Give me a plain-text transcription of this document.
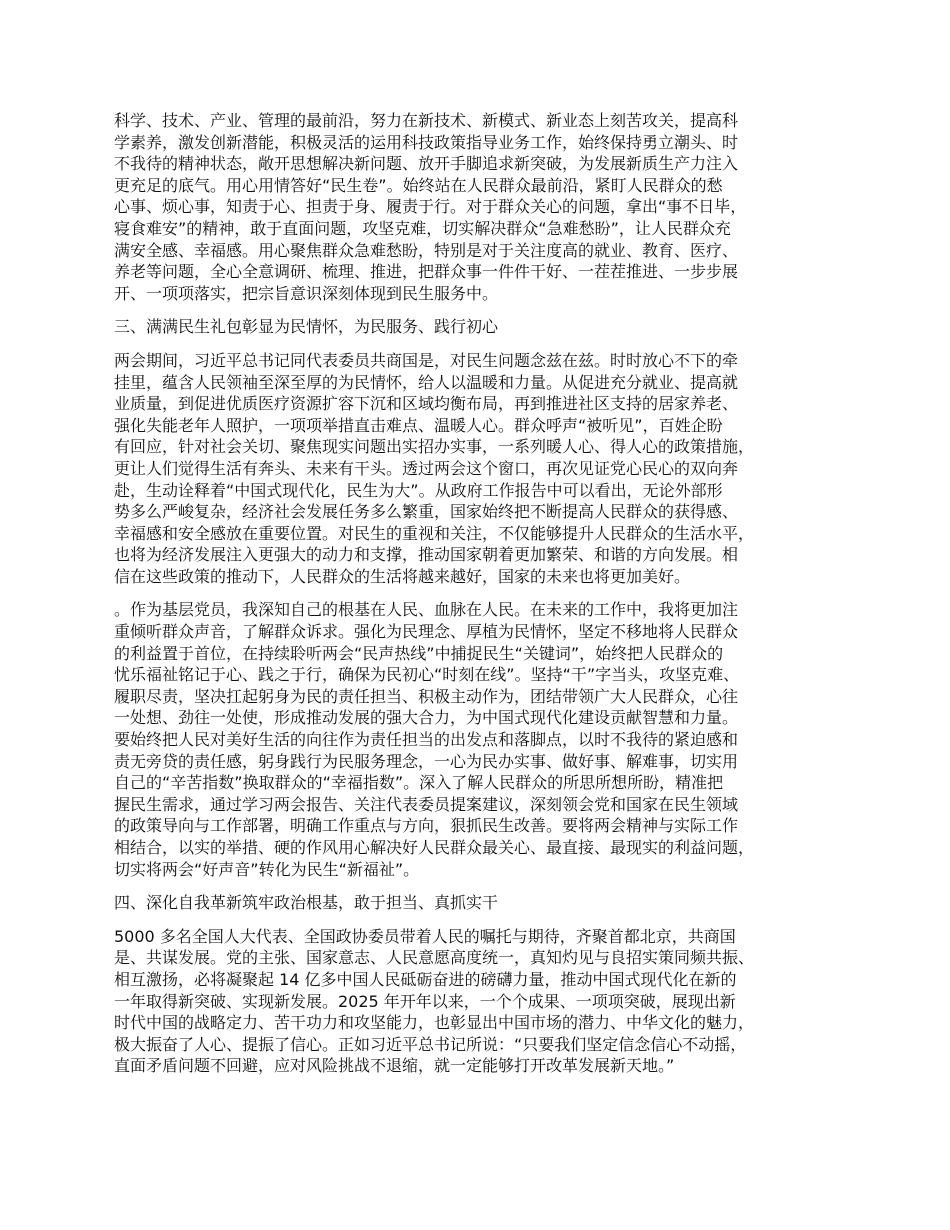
科学、技术、产业、管理的最前沿，努力在新技术、新模式、新业态上刻苦攻关，提高科
学素养，激发创新潜能，积极灵活的运用科技政策指导业务工作，始终保持勇立潮头、时
不我待的精神状态，敞开思想解决新问题、放开手脚追求新突破，为发展新质生产力注入
更充足的底气。用心用情答好“民生卷”。始终站在人民群众最前沿，紧盯人民群众的愁
心事、烦心事，知责于心、担责于身、履责于行。对于群众关心的问题，拿出“事不日毕，
寝食难安”的精神，敢于直面问题，攻坚克难，切实解决群众“急难愁盼”，让人民群众充
满安全感、幸福感。用心聚焦群众急难愁盼，特别是对于关注度高的就业、教育、医疗、
养老等问题，全心全意调研、梳理、推进，把群众事一件件干好、一茬茬推进、一步步展
开、一项项落实，把宗旨意识深刻体现到民生服务中。
三、满满民生礼包彰显为民情怀，为民服务、践行初心
两会期间，习近平总书记同代表委员共商国是，对民生问题念兹在兹。时时放心不下的牵
挂里，蕴含人民领袖至深至厚的为民情怀，给人以温暖和力量。从促进充分就业、提高就
业质量，到促进优质医疗资源扩容下沉和区域均衡布局，再到推进社区支持的居家养老、
强化失能老年人照护，一项项举措直击难点、温暖人心。群众呼声“被听见”，百姓企盼
有回应，针对社会关切、聚焦现实问题出实招办实事，一系列暖人心、得人心的政策措施，
更让人们觉得生活有奔头、未来有干头。透过两会这个窗口，再次见证党心民心的双向奔
赴，生动诠释着“中国式现代化，民生为大”。从政府工作报告中可以看出，无论外部形
势多么严峻复杂，经济社会发展任务多么繁重，国家始终把不断提高人民群众的获得感、
幸福感和安全感放在重要位置。对民生的重视和关注，不仅能够提升人民群众的生活水平，
也将为经济发展注入更强大的动力和支撑，推动国家朝着更加繁荣、和谐的方向发展。相
信在这些政策的推动下，人民群众的生活将越来越好，国家的未来也将更加美好。
。作为基层党员，我深知自己的根基在人民、血脉在人民。在未来的工作中，我将更加注
重倾听群众声音，了解群众诉求。强化为民理念、厚植为民情怀，坚定不移地将人民群众
的利益置于首位，在持续聆听两会“民声热线”中捕捉民生“关键词”，始终把人民群众的
忧乐福祉铭记于心、践之于行，确保为民初心“时刻在线”。坚持“干”字当头，攻坚克难、
履职尽责，坚决扛起躬身为民的责任担当、积极主动作为，团结带领广大人民群众，心往
一处想、劲往一处使，形成推动发展的强大合力，为中国式现代化建设贡献智慧和力量。
要始终把人民对美好生活的向往作为责任担当的出发点和落脚点，以时不我待的紧迫感和
责无旁贷的责任感，躬身践行为民服务理念，一心为民办实事、做好事、解难事，切实用
自己的“辛苦指数”换取群众的“幸福指数”。深入了解人民群众的所思所想所盼，精准把
握民生需求，通过学习两会报告、关注代表委员提案建议，深刻领会党和国家在民生领域
的政策导向与工作部署，明确工作重点与方向，狠抓民生改善。要将两会精神与实际工作
相结合，以实的举措、硬的作风用心解决好人民群众最关心、最直接、最现实的利益问题，
切实将两会“好声音”转化为民生“新福祉”。
四、深化自我革新筑牢政治根基，敢于担当、真抓实干
5000 多名全国人大代表、全国政协委员带着人民的嘱托与期待，齐聚首都北京，共商国
是、共谋发展。党的主张、国家意志、人民意愿高度统一，真知灼见与良招实策同频共振、
相互激扬，必将凝聚起 14 亿多中国人民砥砺奋进的磅礴力量，推动中国式现代化在新的
一年取得新突破、实现新发展。2025 年开年以来，一个个成果、一项项突破，展现出新
时代中国的战略定力、苦干功力和攻坚能力，也彰显出中国市场的潜力、中华文化的魅力，
极大振奋了人心、提振了信心。正如习近平总书记所说：“只要我们坚定信念信心不动摇，
直面矛盾问题不回避，应对风险挑战不退缩，就一定能够打开改革发展新天地。”
